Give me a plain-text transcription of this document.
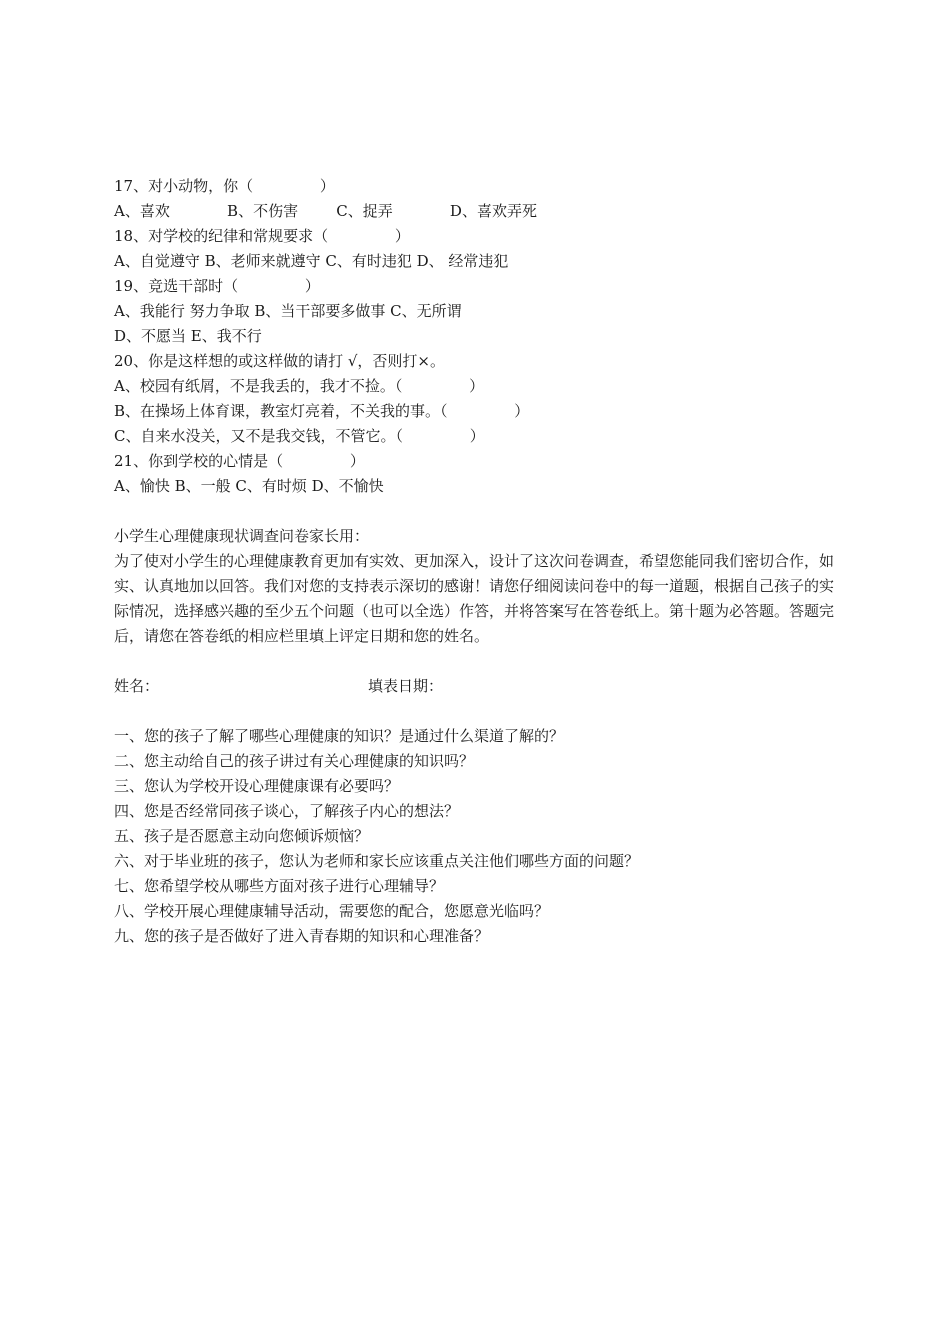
17、对小动物，你（              ）
A、喜欢            B、不伤害        C、捉弄            D、喜欢弄死
18、对学校的纪律和常规要求（              ）
A、自觉遵守 B、老师来就遵守 C、有时违犯 D、 经常违犯
19、竞选干部时（              ）
A、我能行 努力争取 B、当干部要多做事 C、无所谓
D、不愿当 E、我不行
20、你是这样想的或这样做的请打 √，否则打×。
A、校园有纸屑，不是我丢的，我才不捡。（              ）
B、在操场上体育课，教室灯亮着，不关我的事。（              ）
C、自来水没关，又不是我交钱，不管它。（              ）
21、你到学校的心情是（              ）
A、愉快 B、一般 C、有时烦 D、不愉快
小学生心理健康现状调查问卷家长用：
为了使对小学生的心理健康教育更加有实效、更加深入，设计了这次问卷调查，希望您能同我们密切合作，如实、认真地加以回答。我们对您的支持表示深切的感谢！请您仔细阅读问卷中的每一道题，根据自己孩子的实际情况，选择感兴趣的至少五个问题（也可以全选）作答，并将答案写在答卷纸上。第十题为必答题。答题完后，请您在答卷纸的相应栏里填上评定日期和您的姓名。
姓名：	填表日期：
一、您的孩子了解了哪些心理健康的知识？是通过什么渠道了解的？
二、您主动给自己的孩子讲过有关心理健康的知识吗？
三、您认为学校开设心理健康课有必要吗？
四、您是否经常同孩子谈心，了解孩子内心的想法？
五、孩子是否愿意主动向您倾诉烦恼？
六、对于毕业班的孩子，您认为老师和家长应该重点关注他们哪些方面的问题？
七、您希望学校从哪些方面对孩子进行心理辅导？
八、学校开展心理健康辅导活动，需要您的配合，您愿意光临吗？
九、您的孩子是否做好了进入青春期的知识和心理准备？
